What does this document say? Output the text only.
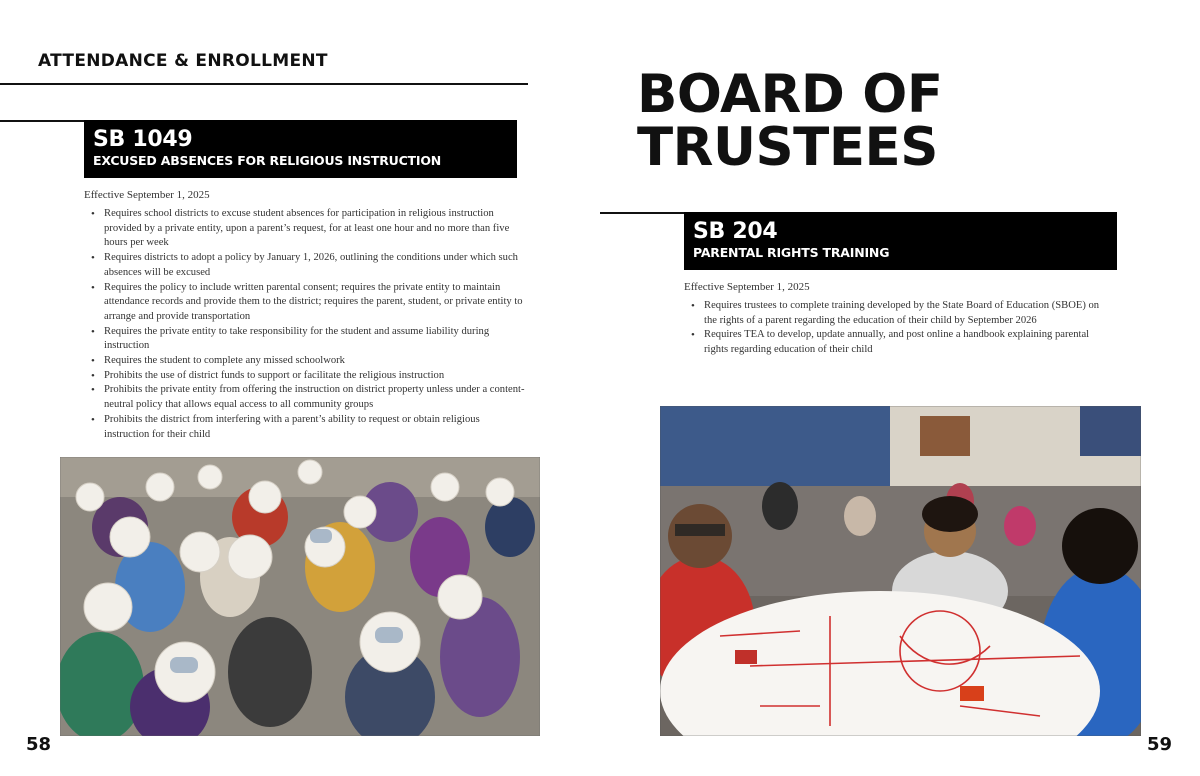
ATTENDANCE & ENROLLMENT
SB 1049
EXCUSED ABSENCES FOR RELIGIOUS INSTRUCTION
Effective September 1, 2025
• Requires school districts to excuse student absences for participation in religious instruction provided by a private entity, upon a parent’s request, for at least one hour and no more than five hours per week
• Requires districts to adopt a policy by January 1, 2026, outlining the conditions under which such absences will be excused
• Requires the policy to include written parental consent; requires the private entity to maintain attendance records and provide them to the district; requires the parent, student, or private entity to arrange and provide transportation
• Requires the private entity to take responsibility for the student and assume liability during instruction
• Requires the student to complete any missed schoolwork
• Prohibits the use of district funds to support or facilitate the religious instruction
• Prohibits the private entity from offering the instruction on district property unless under a content-neutral policy that allows equal access to all community groups
• Prohibits the district from interfering with a parent’s ability to request or obtain religious instruction for their child
58
BOARD OF
TRUSTEES
SB 204
PARENTAL RIGHTS TRAINING
Effective September 1, 2025
• Requires trustees to complete training developed by the State Board of Education (SBOE) on the rights of a parent regarding the education of their child by September 2026
• Requires TEA to develop, update annually, and post online a handbook explaining parental rights regarding education of their child
59
